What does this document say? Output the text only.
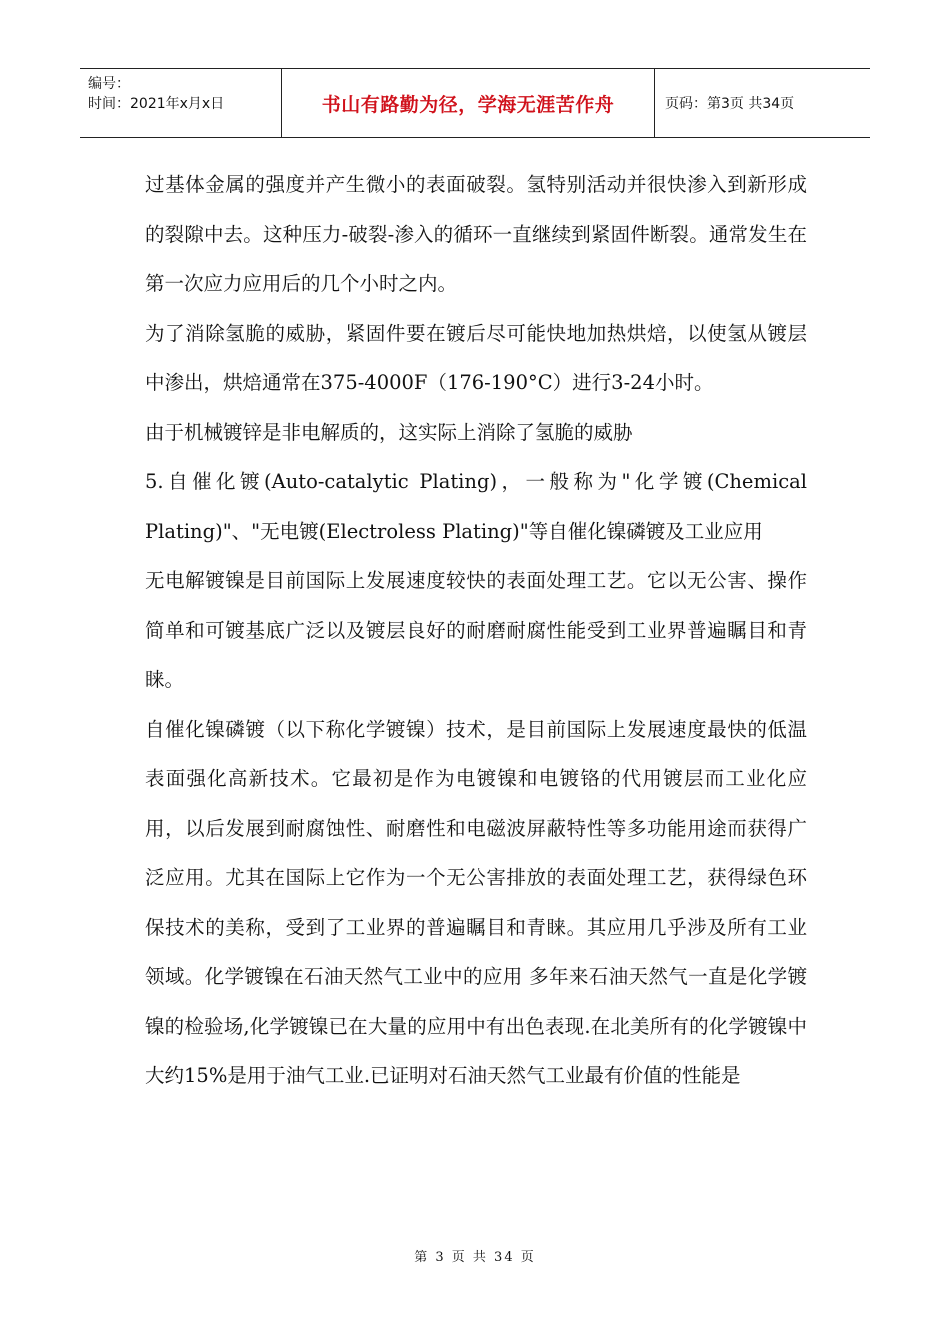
编号：
时间：2021年x月x日	书山有路勤为径，学海无涯苦作舟	页码：第3页 共34页

过基体金属的强度并产生微小的表面破裂。氢特别活动并很快渗入到新形成的裂隙中去。这种压力-破裂-渗入的循环一直继续到紧固件断裂。通常发生在第一次应力应用后的几个小时之内。

为了消除氢脆的威胁，紧固件要在镀后尽可能快地加热烘焙，以使氢从镀层中渗出，烘焙通常在375-4000F（176-190°C）进行3-24小时。

由于机械镀锌是非电解质的，这实际上消除了氢脆的威胁

5.自催化镀(Auto-catalytic Plating)，一般称为"化学镀(Chemical Plating)"、"无电镀(Electroless Plating)"等自催化镍磷镀及工业应用

无电解镀镍是目前国际上发展速度较快的表面处理工艺。它以无公害、操作简单和可镀基底广泛以及镀层良好的耐磨耐腐性能受到工业界普遍瞩目和青睐。

自催化镍磷镀（以下称化学镀镍）技术，是目前国际上发展速度最快的低温表面强化高新技术。它最初是作为电镀镍和电镀铬的代用镀层而工业化应用，以后发展到耐腐蚀性、耐磨性和电磁波屏蔽特性等多功能用途而获得广泛应用。尤其在国际上它作为一个无公害排放的表面处理工艺，获得绿色环保技术的美称，受到了工业界的普遍瞩目和青睐。其应用几乎涉及所有工业领域。化学镀镍在石油天然气工业中的应用 多年来石油天然气一直是化学镀镍的检验场,化学镀镍已在大量的应用中有出色表现.在北美所有的化学镀镍中大约15%是用于油气工业.已证明对石油天然气工业最有价值的性能是

第 3 页 共 34 页
